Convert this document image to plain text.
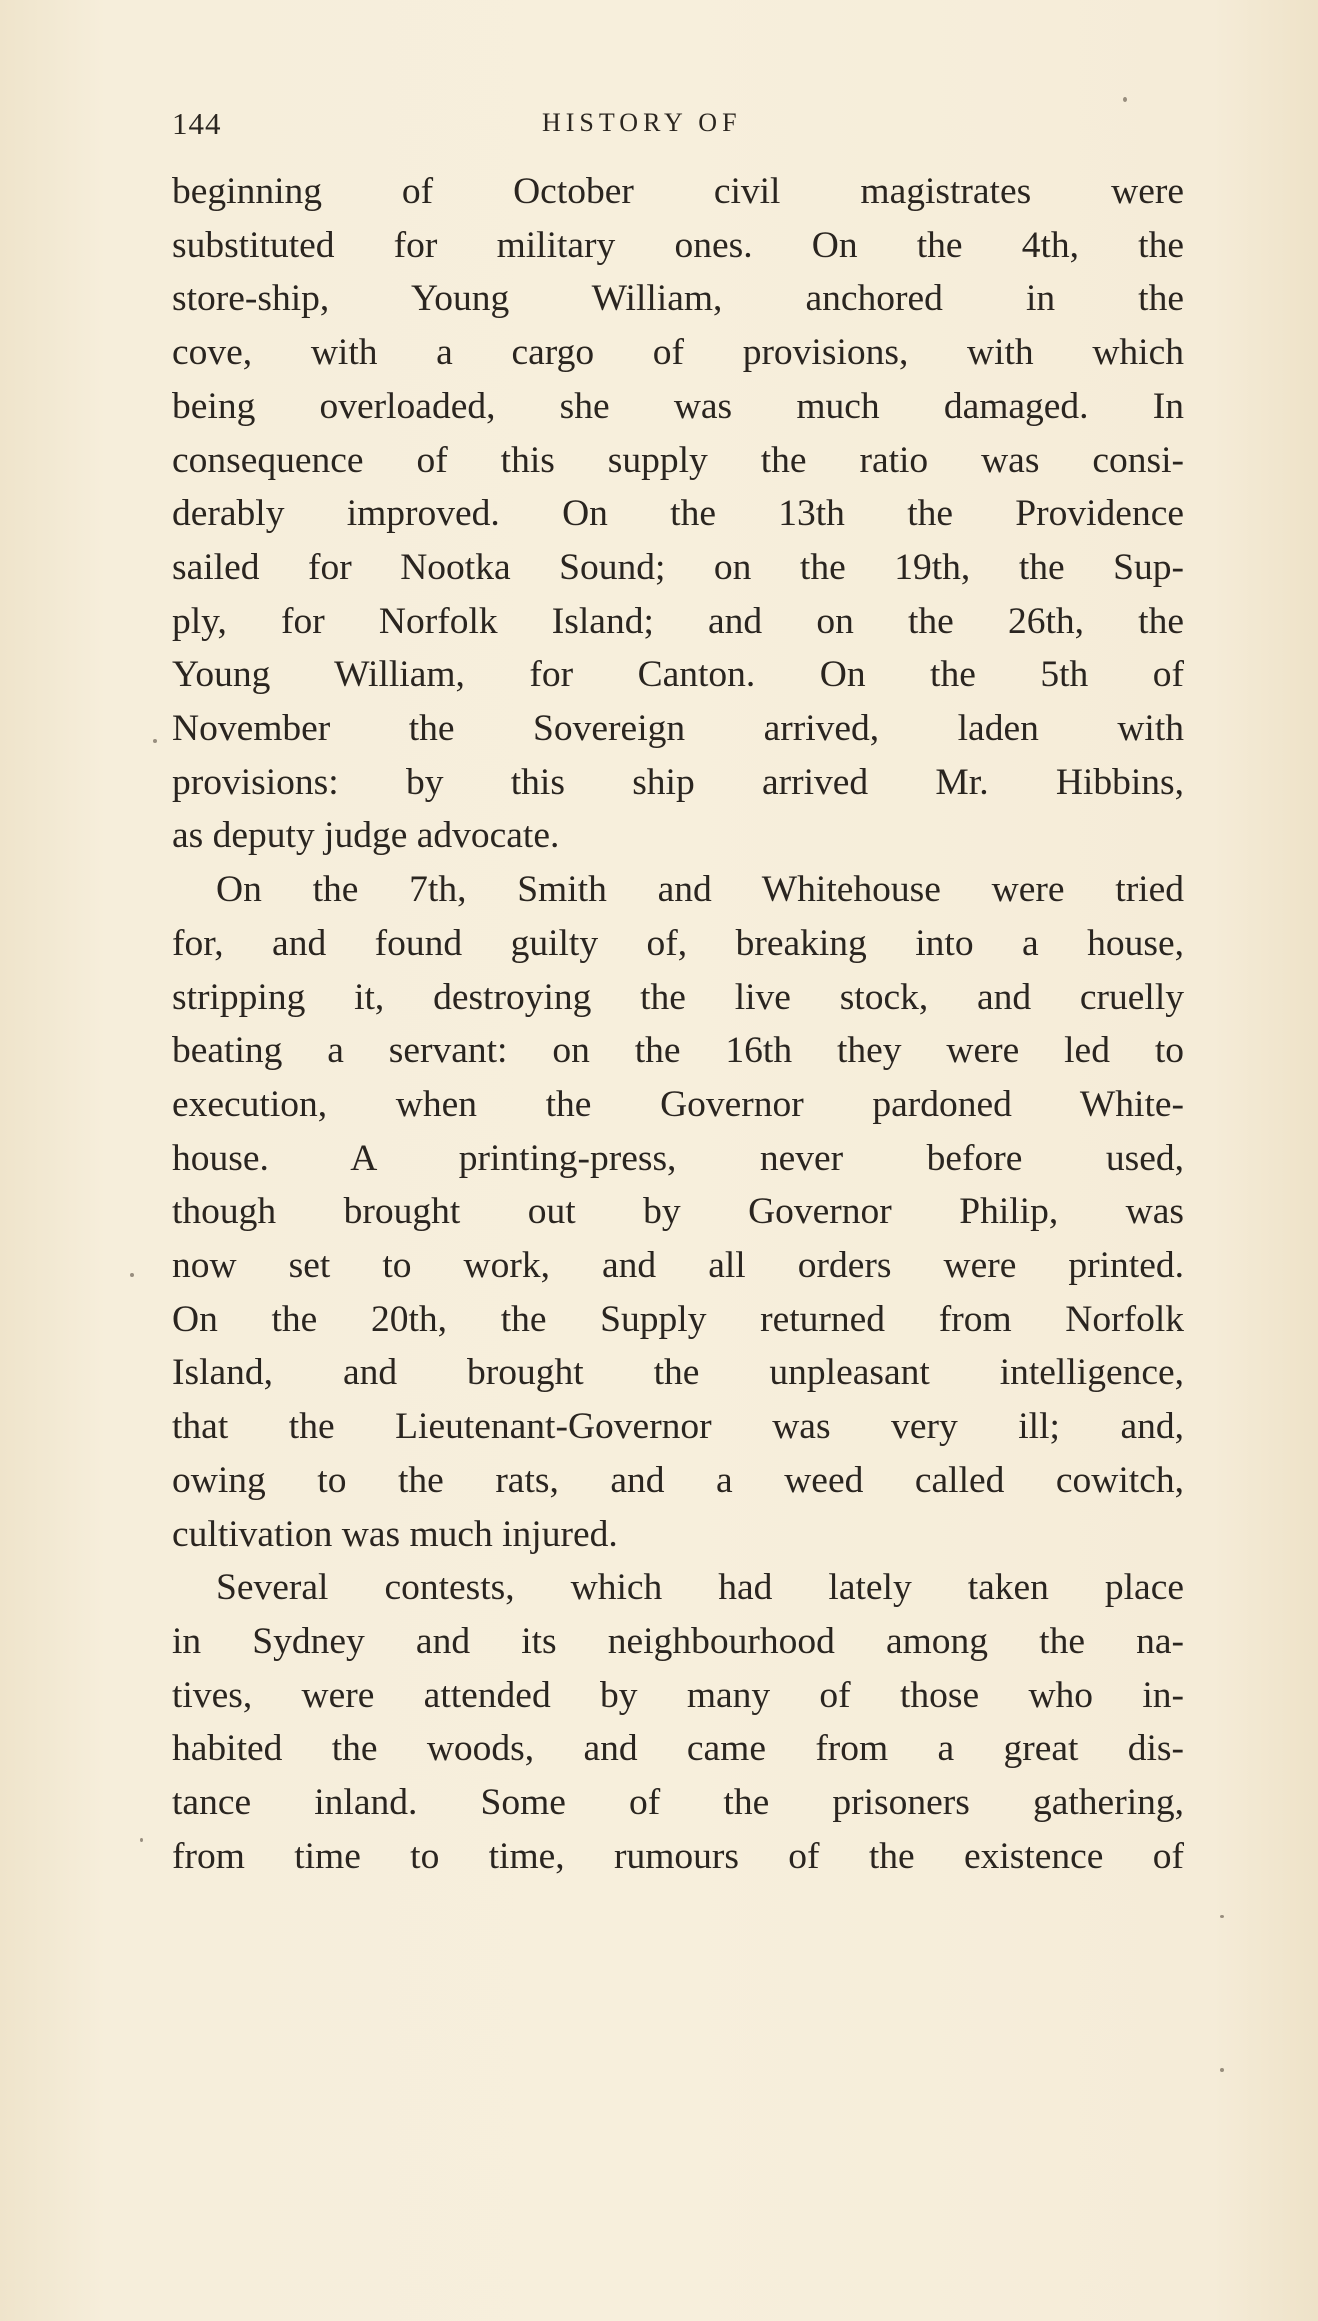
144	HISTORY OF
beginning of October civil magistrates were
substituted for military ones. On the 4th, the
store-ship, Young William, anchored in the
cove, with a cargo of provisions, with which
being overloaded, she was much damaged. In
consequence of this supply the ratio was consi-
derably improved. On the 13th the Providence
sailed for Nootka Sound; on the 19th, the Sup-
ply, for Norfolk Island; and on the 26th, the
Young William, for Canton. On the 5th of
November the Sovereign arrived, laden with
provisions: by this ship arrived Mr. Hibbins,
as deputy judge advocate.
On the 7th, Smith and Whitehouse were tried
for, and found guilty of, breaking into a house,
stripping it, destroying the live stock, and cruelly
beating a servant: on the 16th they were led to
execution, when the Governor pardoned White-
house. A printing-press, never before used,
though brought out by Governor Philip, was
now set to work, and all orders were printed.
On the 20th, the Supply returned from Norfolk
Island, and brought the unpleasant intelligence,
that the Lieutenant-Governor was very ill; and,
owing to the rats, and a weed called cowitch,
cultivation was much injured.
Several contests, which had lately taken place
in Sydney and its neighbourhood among the na-
tives, were attended by many of those who in-
habited the woods, and came from a great dis-
tance inland. Some of the prisoners gathering,
from time to time, rumours of the existence of
